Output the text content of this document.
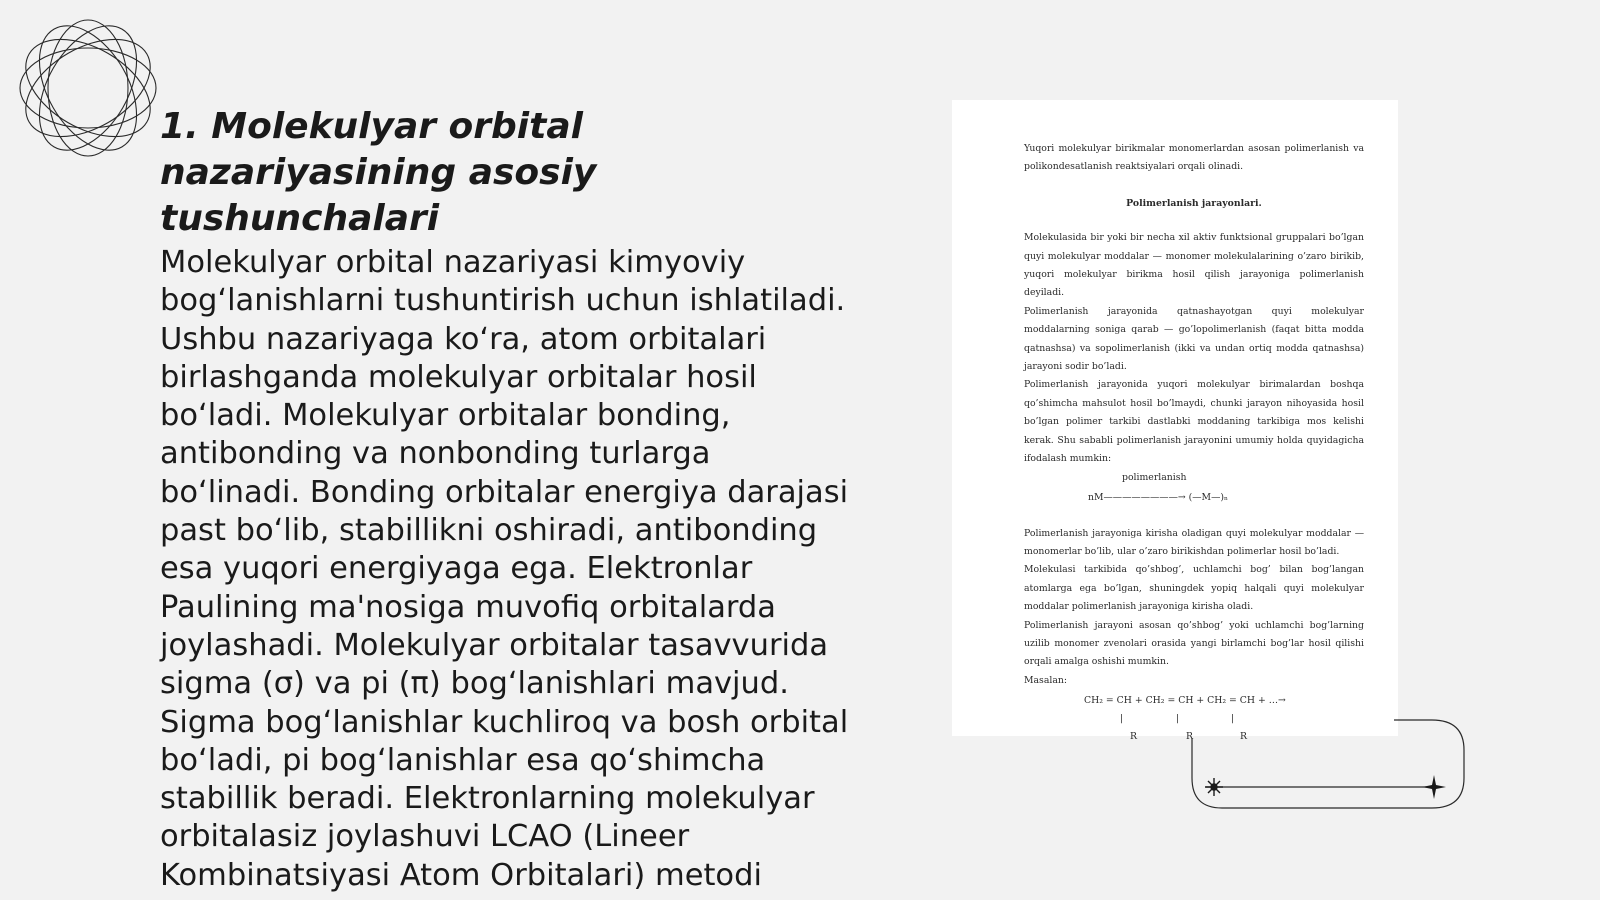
1. Molekulyar orbital nazariyasining asosiy tushunchalari

Molekulyar orbital nazariyasi kimyoviy bog‘lanishlarni tushuntirish uchun ishlatiladi. Ushbu nazariyaga ko‘ra, atom orbitalari birlashganda molekulyar orbitalar hosil bo‘ladi. Molekulyar orbitalar bonding, antibonding va nonbonding turlarga bo‘linadi. Bonding orbitalar energiya darajasi past bo‘lib, stabillikni oshiradi, antibonding esa yuqori energiyaga ega. Elektronlar Paulining ma'nosiga muvofiq orbitalarda joylashadi. Molekulyar orbitalar tasavvurida sigma (σ) va pi (π) bog‘lanishlari mavjud. Sigma bog‘lanishlar kuchliroq va bosh orbital bo‘ladi, pi bog‘lanishlar esa qo‘shimcha stabillik beradi. Elektronlarning molekulyar orbitalasiz joylashuvi LCAO (Lineer Kombinatsiyasi Atom Orbitalari) metodi

Yuqori molekulyar birikmalar monomerlardan asosan polimerlanish va polikondesatlanish reaktsiyalari orqali olinadi.

Polimerlanish jarayonlari.

Molekulasida bir yoki bir necha xil aktiv funktsional gruppalari bo’lgan quyi molekulyar moddalar — monomer molekulalarining o’zaro birikib, yuqori molekulyar birikma hosil qilish jarayoniga polimerlanish deyiladi.

Polimerlanish jarayonida qatnashayotgan quyi molekulyar moddalarning soniga qarab — go’lopolimerlanish (faqat bitta modda qatnashsa) va sopolimerlanish (ikki va undan ortiq modda qatnashsa) jarayoni sodir bo’ladi.

Polimerlanish jarayonida yuqori molekulyar birimalardan boshqa qo’shimcha mahsulot hosil bo’lmaydi, chunki jarayon nihoyasida hosil bo’lgan polimer tarkibi dastlabki moddaning tarkibiga mos kelishi kerak. Shu sababli polimerlanish jarayonini umumiy holda quyidagicha ifodalash mumkin:

polimerlanish
nM————————→ (—M—)ₙ

Polimerlanish jarayoniga kirisha oladigan quyi molekulyar moddalar — monomerlar bo’lib, ular o’zaro birikishdan polimerlar hosil bo’ladi.

Molekulasi tarkibida qo’shbog’, uchlamchi bog’ bilan bog’langan atomlarga ega bo’lgan, shuningdek yopiq halqali quyi molekulyar moddalar polimerlanish jarayoniga kirisha oladi.

Polimerlanish jarayoni asosan qo’shbog’ yoki uchlamchi bog’larning uzilib monomer zvenolari orasida yangi birlamchi bog’lar hosil qilishi orqali amalga oshishi mumkin.

Masalan:

CH₂ = CH + CH₂ = CH + CH₂ = CH + …→
|	|	|
R	R	R
